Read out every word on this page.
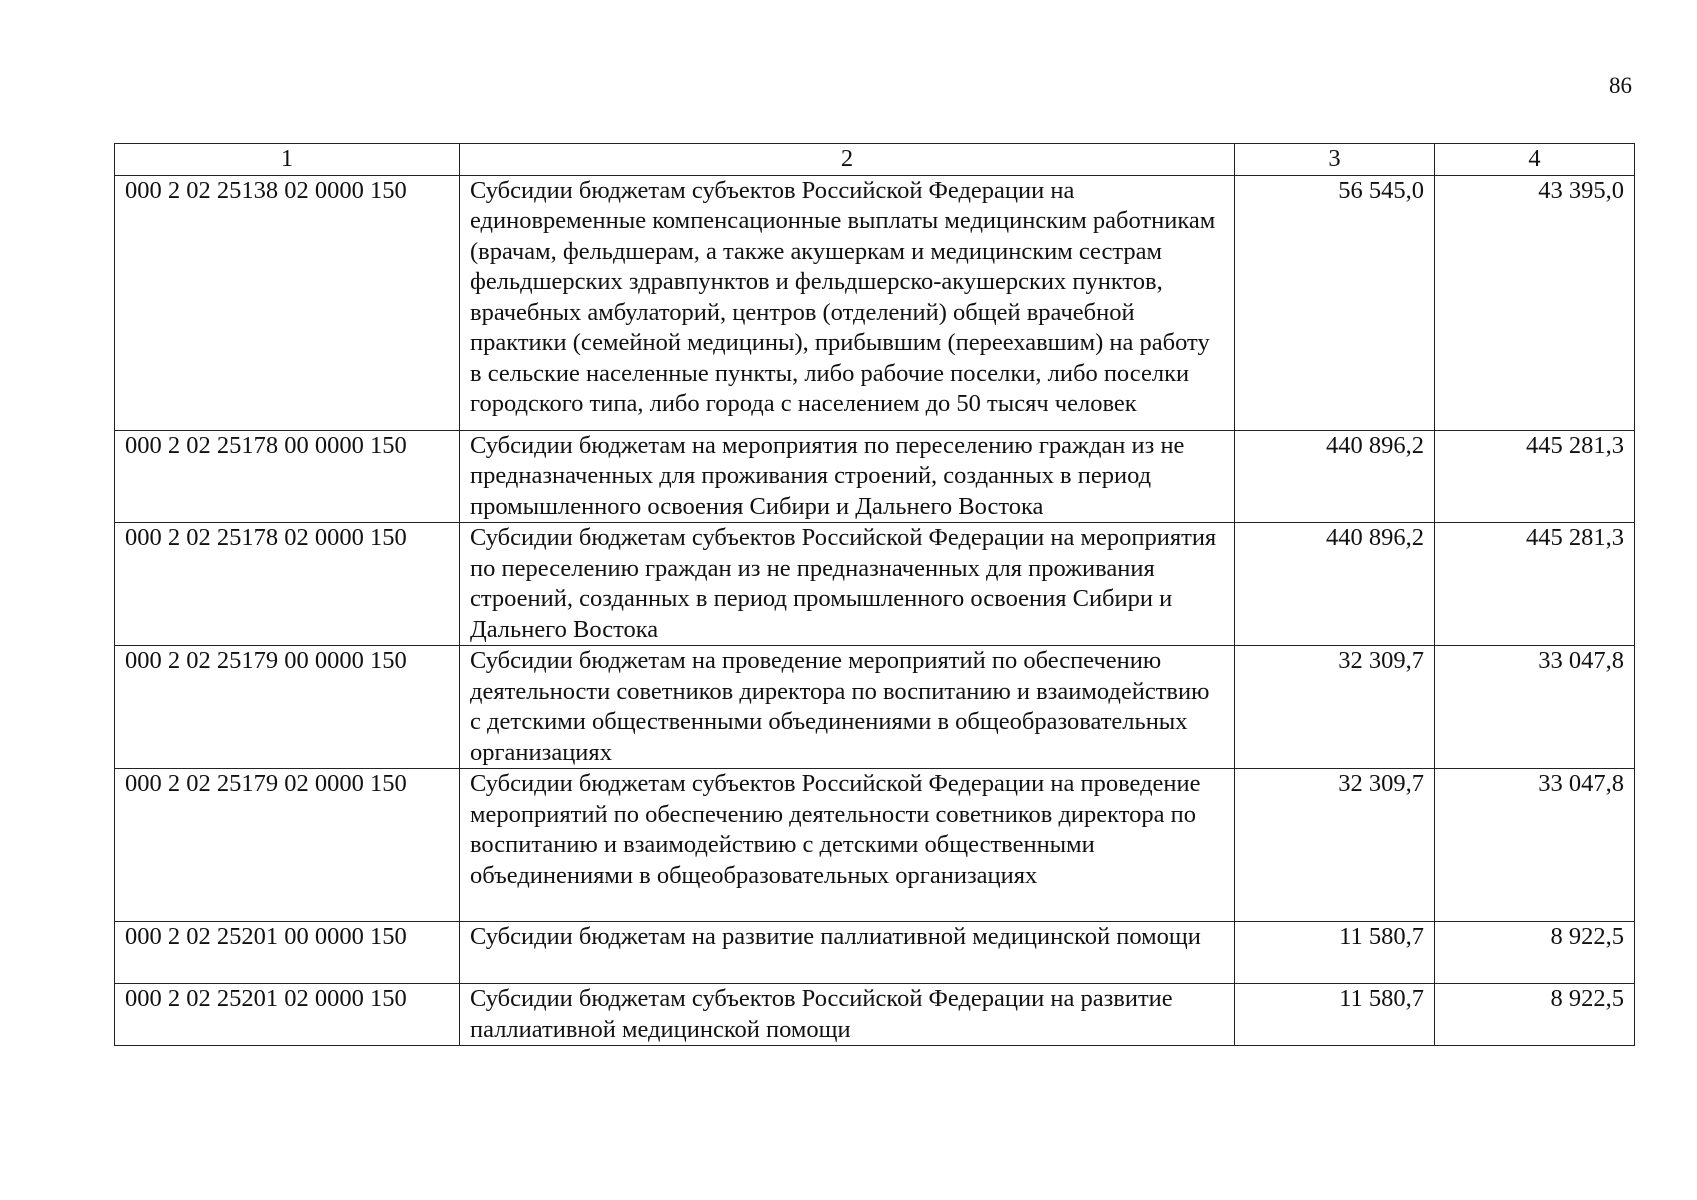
86
1	2	3	4
000 2 02 25138 02 0000 150	Субсидии бюджетам субъектов Российской Федерации на единовременные компенсационные выплаты медицинским работникам (врачам, фельдшерам, а также акушеркам и медицинским сестрам фельдшерских здравпунктов и фельдшерско-акушерских пунктов, врачебных амбулаторий, центров (отделений) общей врачебной практики (семейной медицины), прибывшим (переехавшим) на работу в сельские населенные пункты, либо рабочие поселки, либо поселки городского типа, либо города с населением до 50 тысяч человек	56 545,0	43 395,0
000 2 02 25178 00 0000 150	Субсидии бюджетам на мероприятия по переселению граждан из не предназначенных для проживания строений, созданных в период промышленного освоения Сибири и Дальнего Востока	440 896,2	445 281,3
000 2 02 25178 02 0000 150	Субсидии бюджетам субъектов Российской Федерации на мероприятия по переселению граждан из не предназначенных для проживания строений, созданных в период промышленного освоения Сибири и Дальнего Востока	440 896,2	445 281,3
000 2 02 25179 00 0000 150	Субсидии бюджетам на проведение мероприятий по обеспечению деятельности советников директора по воспитанию и взаимодействию с детскими общественными объединениями в общеобразовательных организациях	32 309,7	33 047,8
000 2 02 25179 02 0000 150	Субсидии бюджетам субъектов Российской Федерации на проведение мероприятий по обеспечению деятельности советников директора по воспитанию и взаимодействию с детскими общественными объединениями в общеобразовательных организациях	32 309,7	33 047,8
000 2 02 25201 00 0000 150	Субсидии бюджетам на развитие паллиативной медицинской помощи	11 580,7	8 922,5
000 2 02 25201 02 0000 150	Субсидии бюджетам субъектов Российской Федерации на развитие паллиативной медицинской помощи	11 580,7	8 922,5
